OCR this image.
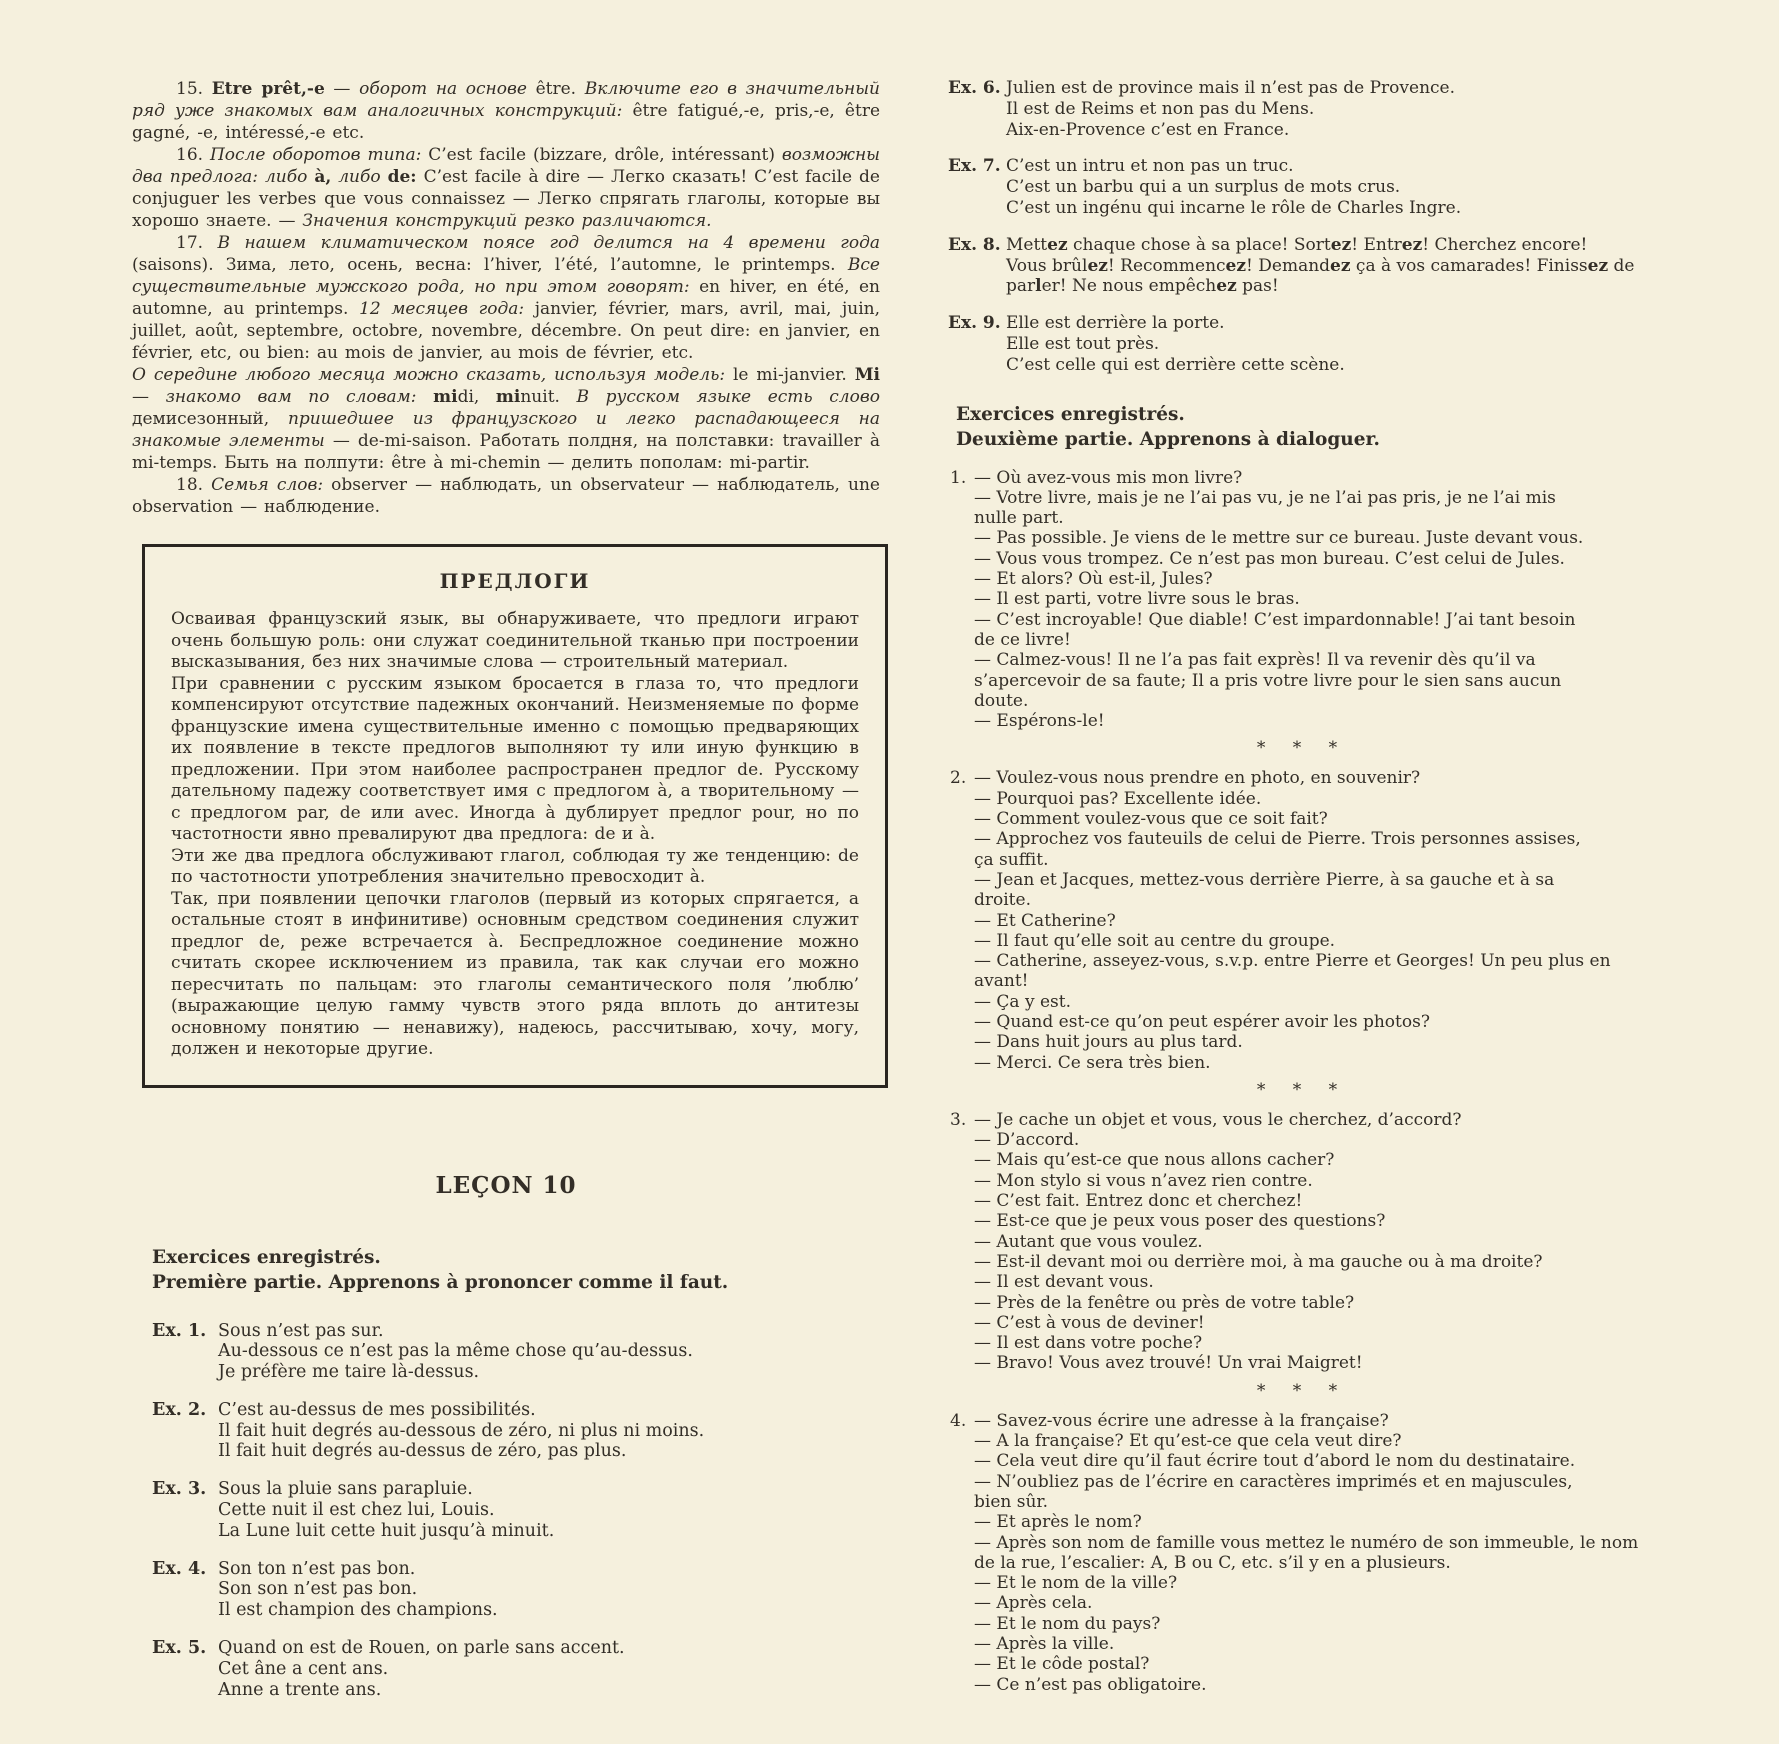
15. Etre prêt,-e — оборот на основе être. Включите его в значительный ряд уже знакомых вам аналогичных конструкций: être fatigué,-e, pris,-e, être gagné, -e, intéressé,-e etc.
16. После оборотов типа: C’est facile (bizzare, drôle, intéressant) возможны два предлога: либо à, либо de: C’est facile à dire — Легко сказать! C’est facile de conjuguer les verbes que vous connaissez — Легко спрягать глаголы, которые вы хорошо знаете. — Значения конструкций резко различаются.
17. В нашем климатическом поясе год делится на 4 времени года (saisons). Зима, лето, осень, весна: l’hiver, l’été, l’automne, le printemps. Все существительные мужского рода, но при этом говорят: en hiver, en été, en automne, au printemps. 12 месяцев года: janvier, février, mars, avril, mai, juin, juillet, août, septembre, octobre, novembre, décembre. On peut dire: en janvier, en février, etc, ou bien: au mois de janvier, au mois de février, etc.
О середине любого месяца можно сказать, используя модель: le mi-janvier. Mi— знакомо вам по словам: midi, minuit. В русском языке есть слово демисезонный, пришедшее из французского и легко распадающееся на знакомые элементы — de-mi-saison. Работать полдня, на полставки: travailler à mi-temps. Быть на полпути: être à mi-chemin — делить пополам: mi-partir.
18. Семья слов: observer — наблюдать, un observateur — наблюдатель, une observation — наблюдение.
ПРЕДЛОГИ
Осваивая французский язык, вы обнаруживаете, что предлоги играют очень большую роль: они служат соединительной тканью при построении высказывания, без них значимые слова — строительный материал.
При сравнении с русским языком бросается в глаза то, что предлоги компенсируют отсутствие падежных окончаний. Неизменяемые по форме французские имена существительные именно с помощью предваряющих их появление в тексте предлогов выполняют ту или иную функцию в предложении. При этом наиболее распространен предлог de. Русскому дательному падежу соответствует имя с предлогом à, а творительному — с предлогом par, de или avec. Иногда à дублирует предлог pour, но по частотности явно превалируют два предлога: de и à.
Эти же два предлога обслуживают глагол, соблюдая ту же тенденцию: de по частотности употребления значительно превосходит à.
Так, при появлении цепочки глаголов (первый из которых спрягается, а остальные стоят в инфинитиве) основным средством соединения служит предлог de, реже встречается à. Беспредложное соединение можно считать скорее исключением из правила, так как случаи его можно пересчитать по пальцам: это глаголы семантического поля ’люблю’ (выражающие целую гамму чувств этого ряда вплоть до антитезы основному понятию — ненавижу), надеюсь, рассчитываю, хочу, могу, должен и некоторые другие.
LEÇON 10
Exercices enregistrés.
Première partie. Apprenons à prononcer comme il faut.
Ex. 1. Sous n’est pas sur.
Au-dessous ce n’est pas la même chose qu’au-dessus.
Je préfère me taire là-dessus.
Ex. 2. C’est au-dessus de mes possibilités.
Il fait huit degrés au-dessous de zéro, ni plus ni moins.
Il fait huit degrés au-dessus de zéro, pas plus.
Ex. 3. Sous la pluie sans parapluie.
Cette nuit il est chez lui, Louis.
La Lune luit cette huit jusqu’à minuit.
Ex. 4. Son ton n’est pas bon.
Son son n’est pas bon.
Il est champion des champions.
Ex. 5. Quand on est de Rouen, on parle sans accent.
Cet âne a cent ans.
Anne a trente ans.
Ex. 6. Julien est de province mais il n’est pas de Provence.
Il est de Reims et non pas du Mens.
Aix-en-Provence c’est en France.
Ex. 7. C’est un intru et non pas un truc.
C’est un barbu qui a un surplus de mots crus.
C’est un ingénu qui incarne le rôle de Charles Ingre.
Ex. 8. Mettez chaque chose à sa place! Sortez! Entrez! Cherchez encore!
Vous brûlez! Recommencez! Demandez ça à vos camarades! Finissez de
parler! Ne nous empêchez pas!
Ex. 9. Elle est derrière la porte.
Elle est tout près.
C’est celle qui est derrière cette scène.
Exercices enregistrés.
Deuxième partie. Apprenons à dialoguer.
1. — Où avez-vous mis mon livre?
— Votre livre, mais je ne l’ai pas vu, je ne l’ai pas pris, je ne l’ai mis
nulle part.
— Pas possible. Je viens de le mettre sur ce bureau. Juste devant vous.
— Vous vous trompez. Ce n’est pas mon bureau. C’est celui de Jules.
— Et alors? Où est-il, Jules?
— Il est parti, votre livre sous le bras.
— C’est incroyable! Que diable! C’est impardonnable! J’ai tant besoin
de ce livre!
— Calmez-vous! Il ne l’a pas fait exprès! Il va revenir dès qu’il va
s’apercevoir de sa faute; Il a pris votre livre pour le sien sans aucun
doute.
— Espérons-le!
* * *
2. — Voulez-vous nous prendre en photo, en souvenir?
— Pourquoi pas? Excellente idée.
— Comment voulez-vous que ce soit fait?
— Approchez vos fauteuils de celui de Pierre. Trois personnes assises,
ça suffit.
— Jean et Jacques, mettez-vous derrière Pierre, à sa gauche et à sa
droite.
— Et Catherine?
— Il faut qu’elle soit au centre du groupe.
— Catherine, asseyez-vous, s.v.p. entre Pierre et Georges! Un peu plus en
avant!
— Ça y est.
— Quand est-ce qu’on peut espérer avoir les photos?
— Dans huit jours au plus tard.
— Merci. Ce sera très bien.
* * *
3. — Je cache un objet et vous, vous le cherchez, d’accord?
— D’accord.
— Mais qu’est-ce que nous allons cacher?
— Mon stylo si vous n’avez rien contre.
— C’est fait. Entrez donc et cherchez!
— Est-ce que je peux vous poser des questions?
— Autant que vous voulez.
— Est-il devant moi ou derrière moi, à ma gauche ou à ma droite?
— Il est devant vous.
— Près de la fenêtre ou près de votre table?
— C’est à vous de deviner!
— Il est dans votre poche?
— Bravo! Vous avez trouvé! Un vrai Maigret!
* * *
4. — Savez-vous écrire une adresse à la française?
— A la française? Et qu’est-ce que cela veut dire?
— Cela veut dire qu’il faut écrire tout d’abord le nom du destinataire.
— N’oubliez pas de l’écrire en caractères imprimés et en majuscules,
bien sûr.
— Et après le nom?
— Après son nom de famille vous mettez le numéro de son immeuble, le nom
de la rue, l’escalier: A, B ou C, etc. s’il y en a plusieurs.
— Et le nom de la ville?
— Après cela.
— Et le nom du pays?
— Après la ville.
— Et le côde postal?
— Ce n’est pas obligatoire.
